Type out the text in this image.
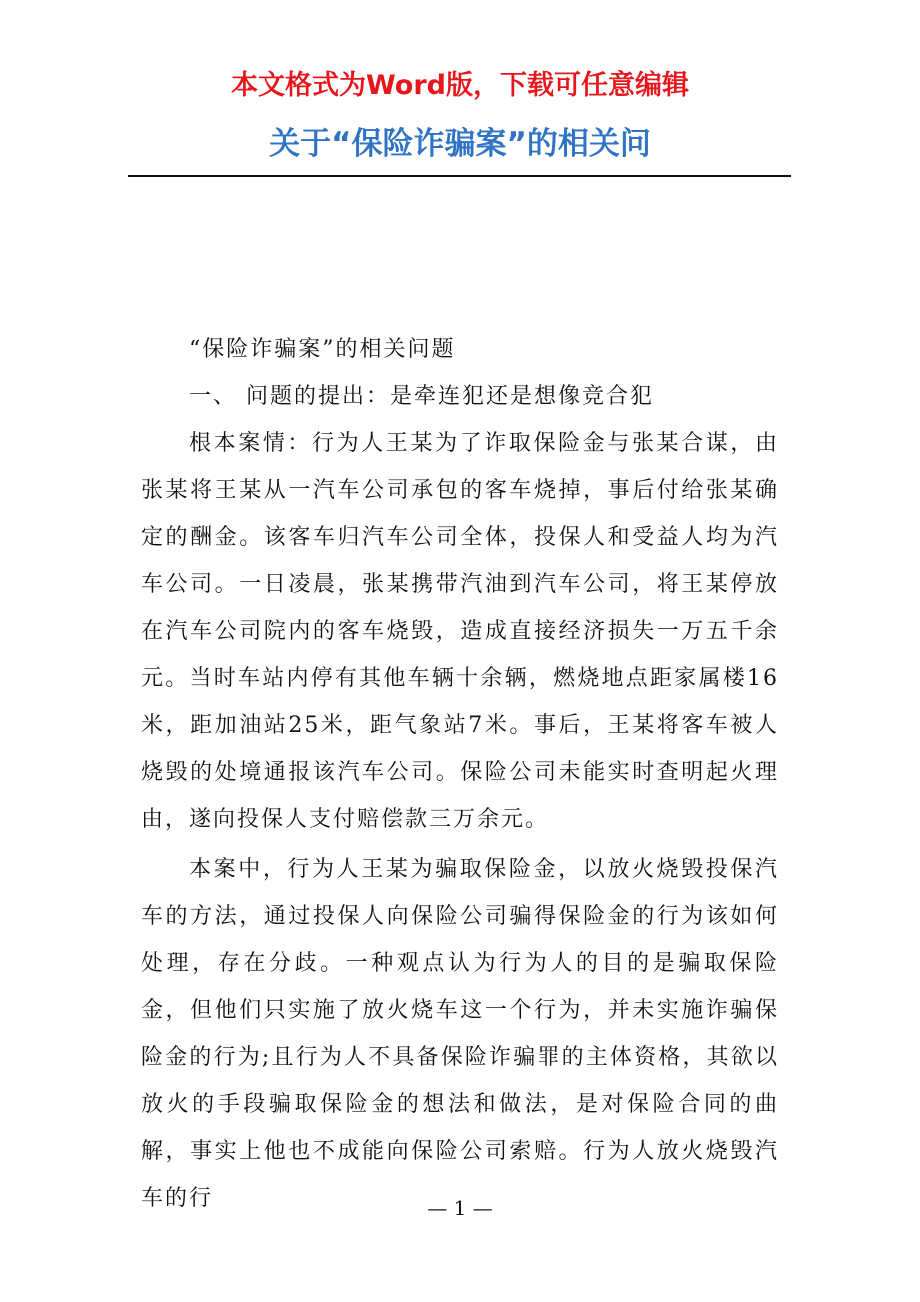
本文格式为Word版，下载可任意编辑
关于“保险诈骗案”的相关问

“保险诈骗案”的相关问题

一、 问题的提出：是牵连犯还是想像竞合犯

根本案情：行为人王某为了诈取保险金与张某合谋，由张某将王某从一汽车公司承包的客车烧掉，事后付给张某确定的酬金。该客车归汽车公司全体，投保人和受益人均为汽车公司。一日凌晨，张某携带汽油到汽车公司，将王某停放在汽车公司院内的客车烧毁，造成直接经济损失一万五千余元。当时车站内停有其他车辆十余辆，燃烧地点距家属楼16米，距加油站25米，距气象站7米。事后，王某将客车被人烧毁的处境通报该汽车公司。保险公司未能实时查明起火理由，遂向投保人支付赔偿款三万余元。

本案中，行为人王某为骗取保险金，以放火烧毁投保汽车的方法，通过投保人向保险公司骗得保险金的行为该如何处理，存在分歧。一种观点认为行为人的目的是骗取保险金，但他们只实施了放火烧车这一个行为，并未实施诈骗保险金的行为;且行为人不具备保险诈骗罪的主体资格，其欲以放火的手段骗取保险金的想法和做法，是对保险合同的曲解，事实上他也不成能向保险公司索赔。行为人放火烧毁汽车的行	— 1 —
